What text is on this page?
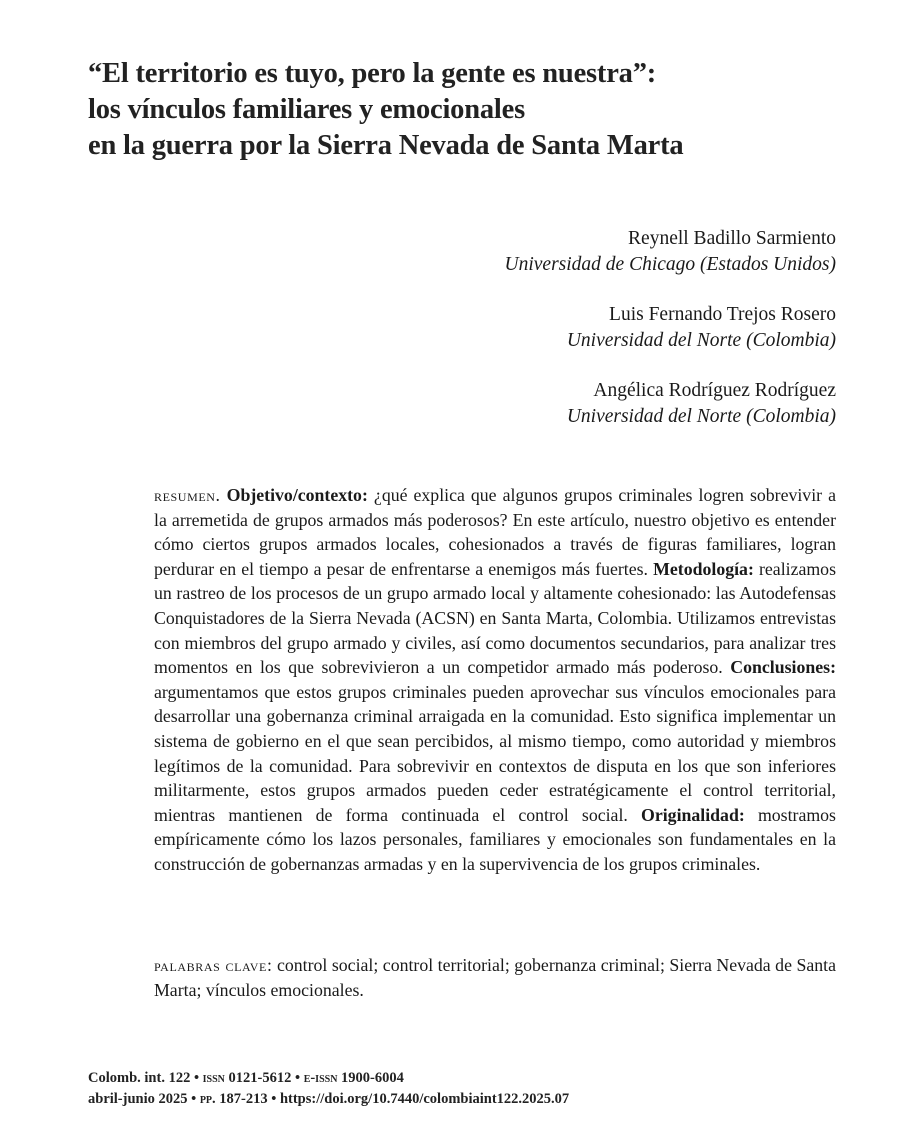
“El territorio es tuyo, pero la gente es nuestra”:
los vínculos familiares y emocionales
en la guerra por la Sierra Nevada de Santa Marta
Reynell Badillo Sarmiento
Universidad de Chicago (Estados Unidos)
Luis Fernando Trejos Rosero
Universidad del Norte (Colombia)
Angélica Rodríguez Rodríguez
Universidad del Norte (Colombia)
resumen. Objetivo/contexto: ¿qué explica que algunos grupos criminales logren sobrevivir a la arremetida de grupos armados más poderosos? En este artículo, nuestro objetivo es entender cómo ciertos grupos armados locales, cohesionados a través de figuras familiares, logran perdurar en el tiempo a pesar de enfrentarse a enemigos más fuertes. Metodología: realizamos un rastreo de los procesos de un grupo armado local y altamente cohesionado: las Autodefensas Conquistadores de la Sierra Nevada (ACSN) en Santa Marta, Colombia. Utilizamos entrevistas con miembros del grupo armado y civiles, así como documentos secundarios, para analizar tres momentos en los que sobrevivieron a un competidor armado más poderoso. Conclusiones: argumentamos que estos grupos criminales pueden aprovechar sus vínculos emocionales para desarrollar una gobernanza criminal arraigada en la comunidad. Esto significa implementar un sistema de gobierno en el que sean percibidos, al mismo tiempo, como autoridad y miembros legítimos de la comunidad. Para sobrevivir en contextos de disputa en los que son inferiores militarmente, estos grupos armados pueden ceder estratégicamente el control territorial, mientras mantienen de forma continuada el control social. Originalidad: mostramos empíricamente cómo los lazos personales, familiares y emocionales son fundamentales en la construcción de gobernanzas armadas y en la supervivencia de los grupos criminales.
palabras clave: control social; control territorial; gobernanza criminal; Sierra Nevada de Santa Marta; vínculos emocionales.
Colomb. int. 122 • issn 0121-5612 • e-issn 1900-6004
abril-junio 2025 • pp. 187-213 • https://doi.org/10.7440/colombiaint122.2025.07
